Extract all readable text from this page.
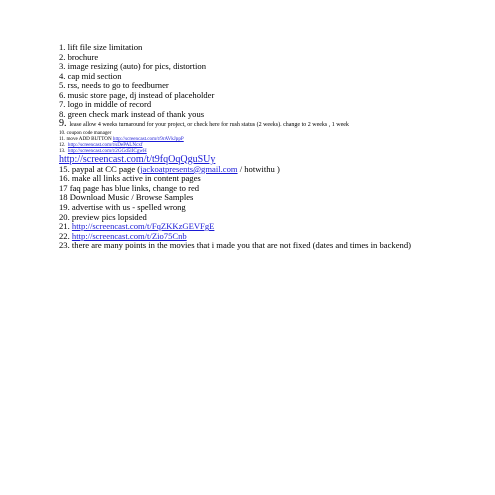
1. lift file size limitation
2. brochure
3. image resizing (auto) for pics, distortion
4. cap mid section
5. rss, needs to go to feedburner
6. music store page, dj instead of placeholder
7. logo in middle of record
8. green check mark instead of thank yous
9. lease allow 4 weeks turnaround for your project, or check here for rush status (2 weeks). change to 2 weeks , 1 week
10. coupon code manager
11. move ADD BUTTON http://screencast.com/t/9rAVkJppP
12. http://screencast.com/t/sDePALNcxf
13. http://screencast.com/t/2GGd5lICgwH
http://screencast.com/t/t9fqOqQguSUy
15. paypal at CC page (jackoatpresents@gmail.com / hotwithu )
16. make all links active in content pages
17 faq page has blue links, change to red
18 Download Music / Browse Samples
19. advertise with us - spelled wrong
20. preview pics lopsided
21. http://screencast.com/t/FqZKKzGEVFgE
22. http://screencast.com/t/Zio75Cnb
23. there are many points in the movies that i made you that are not fixed (dates and times in backend)
